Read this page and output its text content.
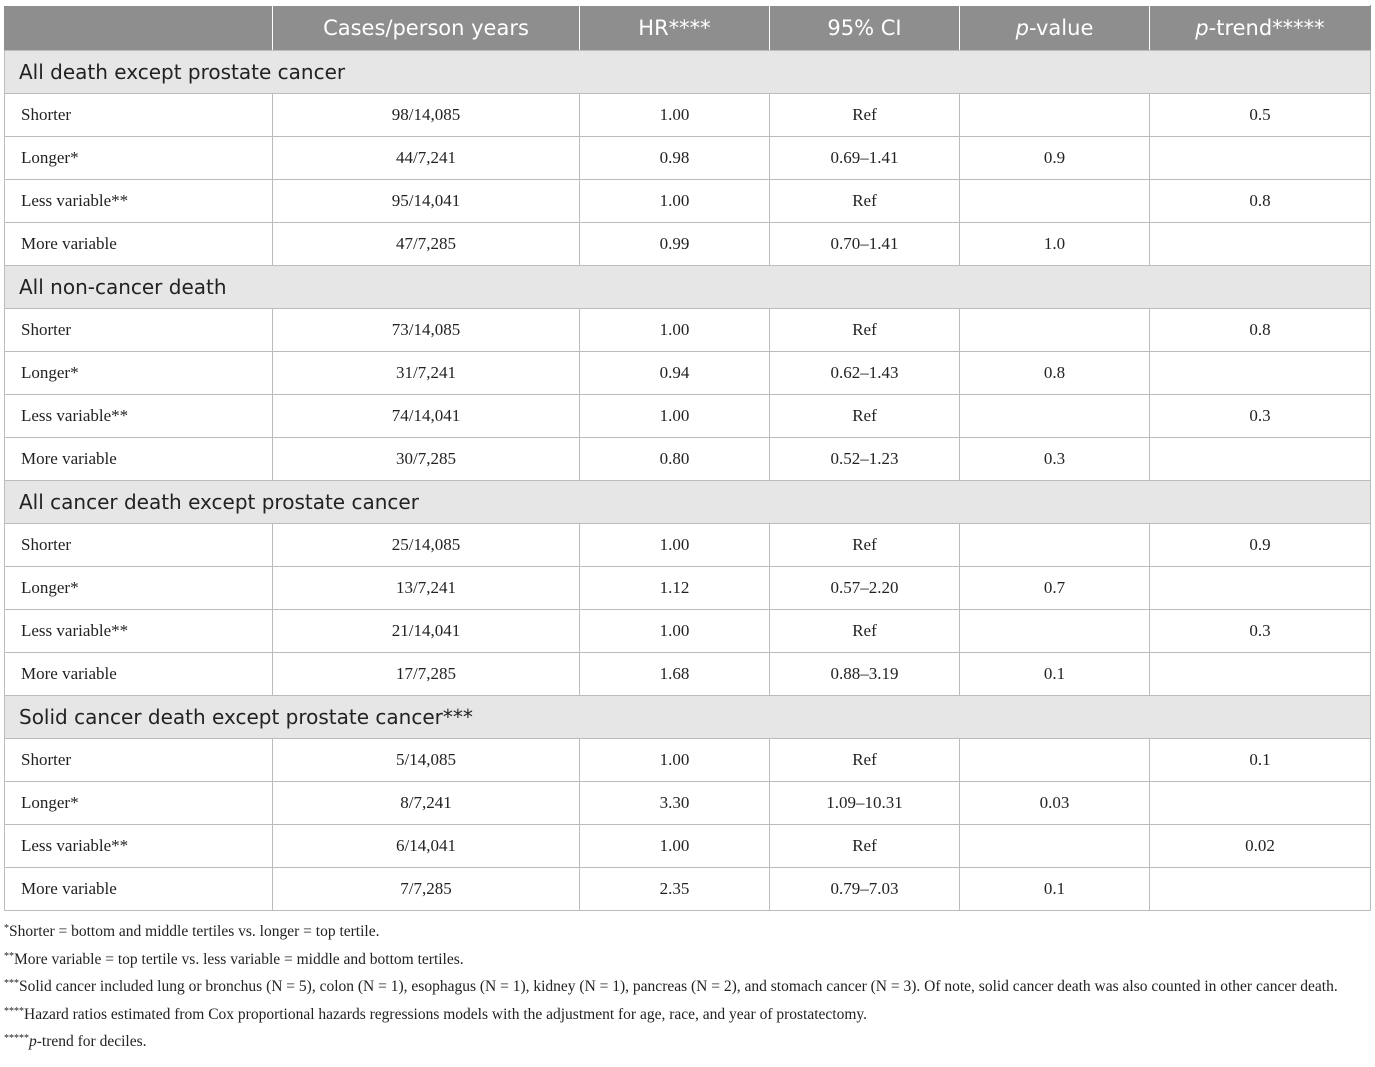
	Cases/person years	HR****	95% CI	p-value	p-trend*****
All death except prostate cancer					
Shorter	98/14,085	1.00	Ref		0.5
Longer*	44/7,241	0.98	0.69–1.41	0.9	
Less variable**	95/14,041	1.00	Ref		0.8
More variable	47/7,285	0.99	0.70–1.41	1.0	
All non-cancer death					
Shorter	73/14,085	1.00	Ref		0.8
Longer*	31/7,241	0.94	0.62–1.43	0.8	
Less variable**	74/14,041	1.00	Ref		0.3
More variable	30/7,285	0.80	0.52–1.23	0.3	
All cancer death except prostate cancer					
Shorter	25/14,085	1.00	Ref		0.9
Longer*	13/7,241	1.12	0.57–2.20	0.7	
Less variable**	21/14,041	1.00	Ref		0.3
More variable	17/7,285	1.68	0.88–3.19	0.1	
Solid cancer death except prostate cancer***					
Shorter	5/14,085	1.00	Ref		0.1
Longer*	8/7,241	3.30	1.09–10.31	0.03	
Less variable**	6/14,041	1.00	Ref		0.02
More variable	7/7,285	2.35	0.79–7.03	0.1	

*Shorter = bottom and middle tertiles vs. longer = top tertile.

**More variable = top tertile vs. less variable = middle and bottom tertiles.

***Solid cancer included lung or bronchus (N = 5), colon (N = 1), esophagus (N = 1), kidney (N = 1), pancreas (N = 2), and stomach cancer (N = 3). Of note, solid cancer death was also counted in other cancer death.

****Hazard ratios estimated from Cox proportional hazards regressions models with the adjustment for age, race, and year of prostatectomy.

*****p-trend for deciles.
